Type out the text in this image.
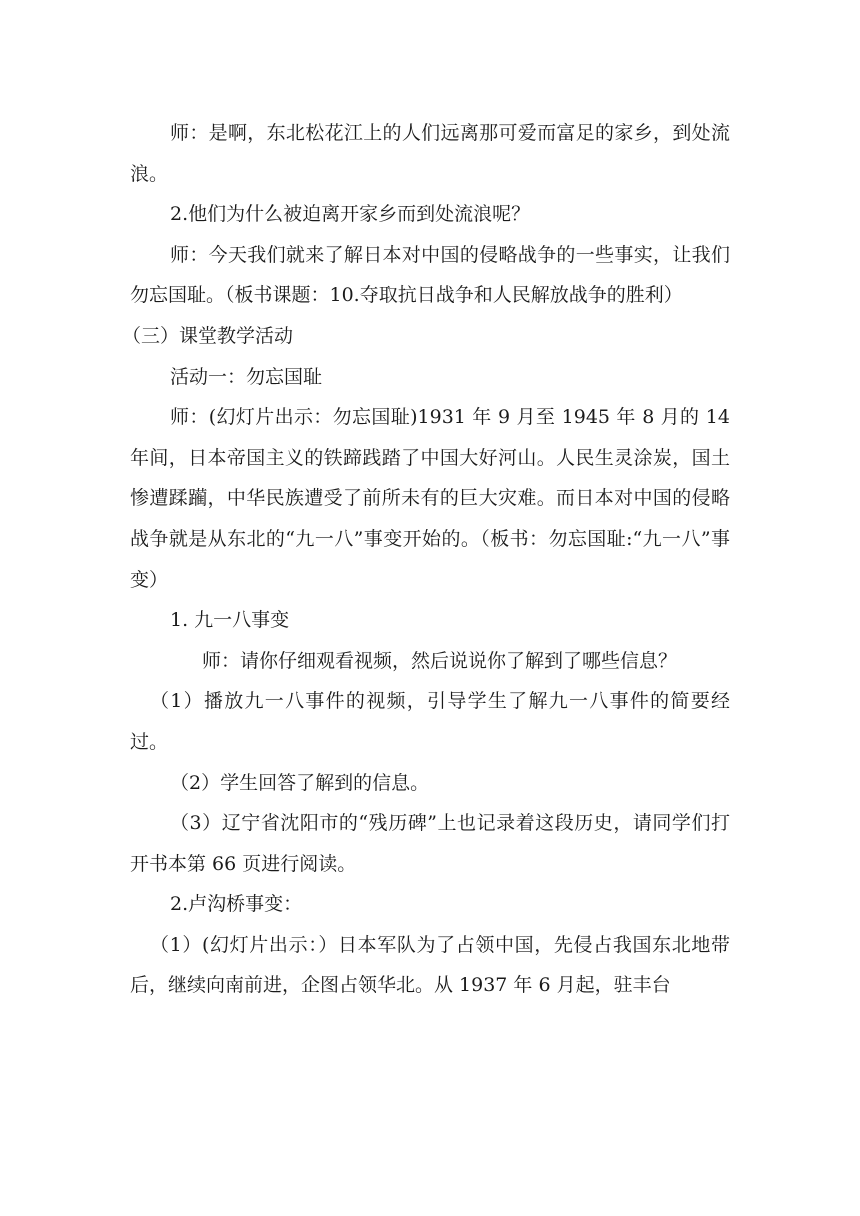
师：是啊，东北松花江上的人们远离那可爱而富足的家乡，到处流浪。

2.他们为什么被迫离开家乡而到处流浪呢？

师：今天我们就来了解日本对中国的侵略战争的一些事实，让我们勿忘国耻。（板书课题：10.夺取抗日战争和人民解放战争的胜利）

（三）课堂教学活动

活动一：勿忘国耻

师：(幻灯片出示：勿忘国耻)1931 年 9 月至 1945 年 8 月的 14 年间，日本帝国主义的铁蹄践踏了中国大好河山。人民生灵涂炭，国土惨遭蹂躏，中华民族遭受了前所未有的巨大灾难。而日本对中国的侵略战争就是从东北的“九一八”事变开始的。（板书：勿忘国耻:“九一八”事变）

1. 九一八事变

师：请你仔细观看视频，然后说说你了解到了哪些信息？

（1）播放九一八事件的视频，引导学生了解九一八事件的简要经过。

（2）学生回答了解到的信息。

（3）辽宁省沈阳市的“残历碑”上也记录着这段历史，请同学们打开书本第 66 页进行阅读。

2.卢沟桥事变：

（1）(幻灯片出示：）日本军队为了占领中国，先侵占我国东北地带后，继续向南前进，企图占领华北。从 1937 年 6 月起，驻丰台
